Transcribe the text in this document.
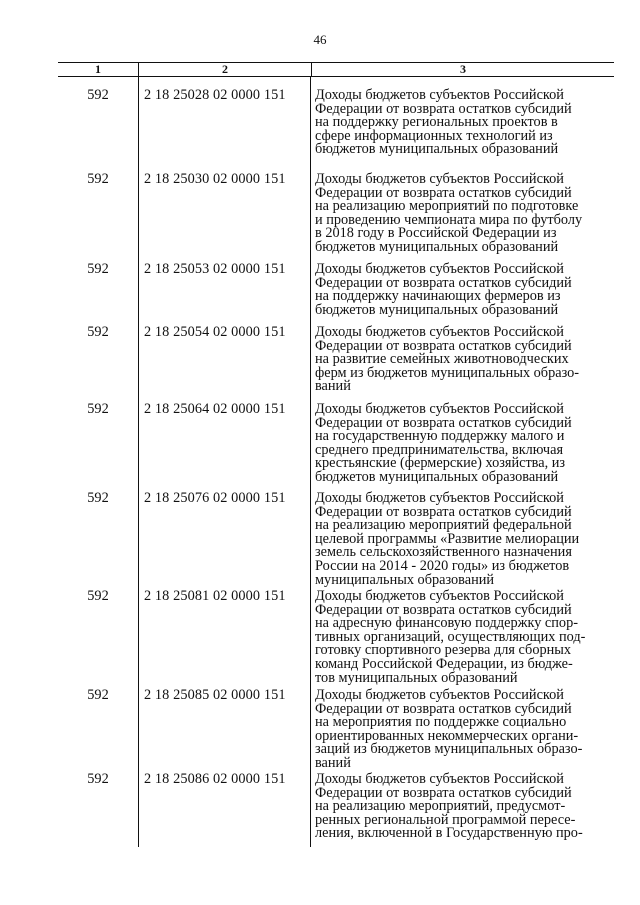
46
1	2	3
592	2 18 25028 02 0000 151	Доходы бюджетов субъектов Российской
Федерации от возврата остатков субсидий
на поддержку региональных проектов в
сфере информационных технологий из
бюджетов муниципальных образований
592	2 18 25030 02 0000 151	Доходы бюджетов субъектов Российской
Федерации от возврата остатков субсидий
на реализацию мероприятий по подготовке
и проведению чемпионата мира по футболу
в 2018 году в Российской Федерации из
бюджетов муниципальных образований
592	2 18 25053 02 0000 151	Доходы бюджетов субъектов Российской
Федерации от возврата остатков субсидий
на поддержку начинающих фермеров из
бюджетов муниципальных образований
592	2 18 25054 02 0000 151	Доходы бюджетов субъектов Российской
Федерации от возврата остатков субсидий
на развитие семейных животноводческих
ферм из бюджетов муниципальных образо-
ваний
592	2 18 25064 02 0000 151	Доходы бюджетов субъектов Российской
Федерации от возврата остатков субсидий
на государственную поддержку малого и
среднего предпринимательства, включая
крестьянские (фермерские) хозяйства, из
бюджетов муниципальных образований
592	2 18 25076 02 0000 151	Доходы бюджетов субъектов Российской
Федерации от возврата остатков субсидий
на реализацию мероприятий федеральной
целевой программы «Развитие мелиорации
земель сельскохозяйственного назначения
России на 2014 - 2020 годы» из бюджетов
муниципальных образований
592	2 18 25081 02 0000 151	Доходы бюджетов субъектов Российской
Федерации от возврата остатков субсидий
на адресную финансовую поддержку спор-
тивных организаций, осуществляющих под-
готовку спортивного резерва для сборных
команд Российской Федерации, из бюдже-
тов муниципальных образований
592	2 18 25085 02 0000 151	Доходы бюджетов субъектов Российской
Федерации от возврата остатков субсидий
на мероприятия по поддержке социально
ориентированных некоммерческих органи-
заций из бюджетов муниципальных образо-
ваний
592	2 18 25086 02 0000 151	Доходы бюджетов субъектов Российской
Федерации от возврата остатков субсидий
на реализацию мероприятий, предусмот-
ренных региональной программой пересе-
ления, включенной в Государственную про-
